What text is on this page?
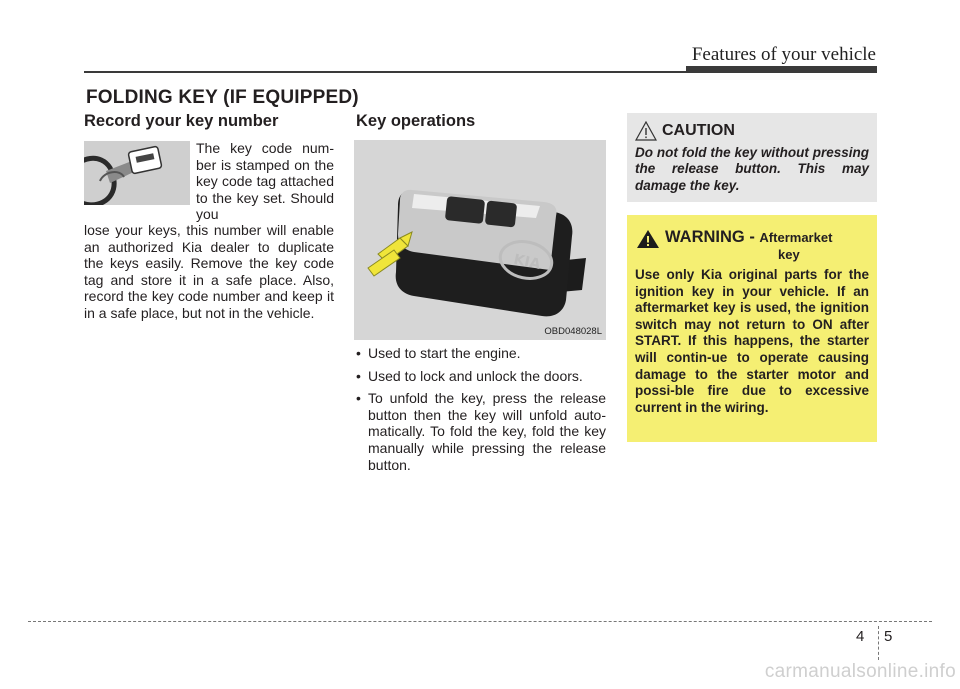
Features of your vehicle
FOLDING KEY (IF EQUIPPED)
Record your key number
The key code num-ber is stamped on the key code tag attached to the key set. Should you
lose your keys, this number will enable an authorized Kia dealer to duplicate the keys easily. Remove the key code tag and store it in a safe place. Also, record the key code number and keep it in a safe place, but not in the vehicle.
Key operations
KIA
OBD048028L
• Used to start the engine.
• Used to lock and unlock the doors.
• To unfold the key, press the release button then the key will unfold auto-matically. To fold the key, fold the key manually while pressing the release button.
CAUTION
Do not fold the key without pressing the release button. This may damage the key.
WARNING - Aftermarket
key
Use only Kia original parts for the ignition key in your vehicle. If an aftermarket key is used, the ignition switch may not return to ON after START. If this happens, the starter will contin-ue to operate causing damage to the starter motor and possi-ble fire due to excessive current in the wiring.
4 5
carmanualsonline.info
